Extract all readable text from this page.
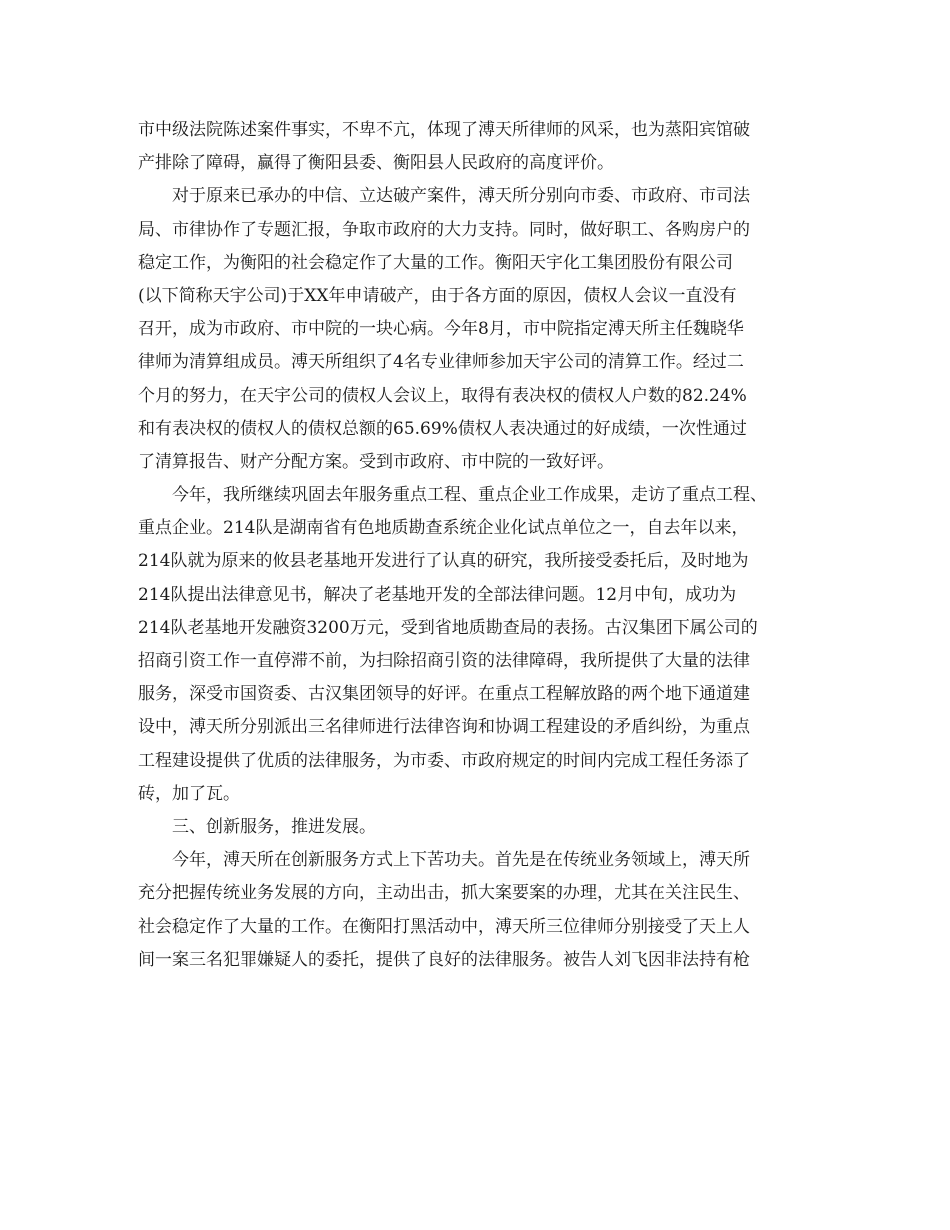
市中级法院陈述案件事实，不卑不亢，体现了溥天所律师的风采，也为蒸阳宾馆破
产排除了障碍，赢得了衡阳县委、衡阳县人民政府的高度评价。
对于原来已承办的中信、立达破产案件，溥天所分别向市委、市政府、市司法
局、市律协作了专题汇报，争取市政府的大力支持。同时，做好职工、各购房户的
稳定工作，为衡阳的社会稳定作了大量的工作。衡阳天宇化工集团股份有限公司
(以下简称天宇公司)于XX年申请破产，由于各方面的原因，债权人会议一直没有
召开，成为市政府、市中院的一块心病。今年8月，市中院指定溥天所主任魏晓华
律师为清算组成员。溥天所组织了4名专业律师参加天宇公司的清算工作。经过二
个月的努力，在天宇公司的债权人会议上，取得有表决权的债权人户数的82.24%
和有表决权的债权人的债权总额的65.69%债权人表决通过的好成绩，一次性通过
了清算报告、财产分配方案。受到市政府、市中院的一致好评。
今年，我所继续巩固去年服务重点工程、重点企业工作成果，走访了重点工程、
重点企业。214队是湖南省有色地质勘查系统企业化试点单位之一，自去年以来，
214队就为原来的攸县老基地开发进行了认真的研究，我所接受委托后，及时地为
214队提出法律意见书，解决了老基地开发的全部法律问题。12月中旬，成功为
214队老基地开发融资3200万元，受到省地质勘查局的表扬。古汉集团下属公司的
招商引资工作一直停滞不前，为扫除招商引资的法律障碍，我所提供了大量的法律
服务，深受市国资委、古汉集团领导的好评。在重点工程解放路的两个地下通道建
设中，溥天所分别派出三名律师进行法律咨询和协调工程建设的矛盾纠纷，为重点
工程建设提供了优质的法律服务，为市委、市政府规定的时间内完成工程任务添了
砖，加了瓦。
三、创新服务，推进发展。
今年，溥天所在创新服务方式上下苦功夫。首先是在传统业务领域上，溥天所
充分把握传统业务发展的方向，主动出击，抓大案要案的办理，尤其在关注民生、
社会稳定作了大量的工作。在衡阳打黑活动中，溥天所三位律师分别接受了天上人
间一案三名犯罪嫌疑人的委托，提供了良好的法律服务。被告人刘飞因非法持有枪
